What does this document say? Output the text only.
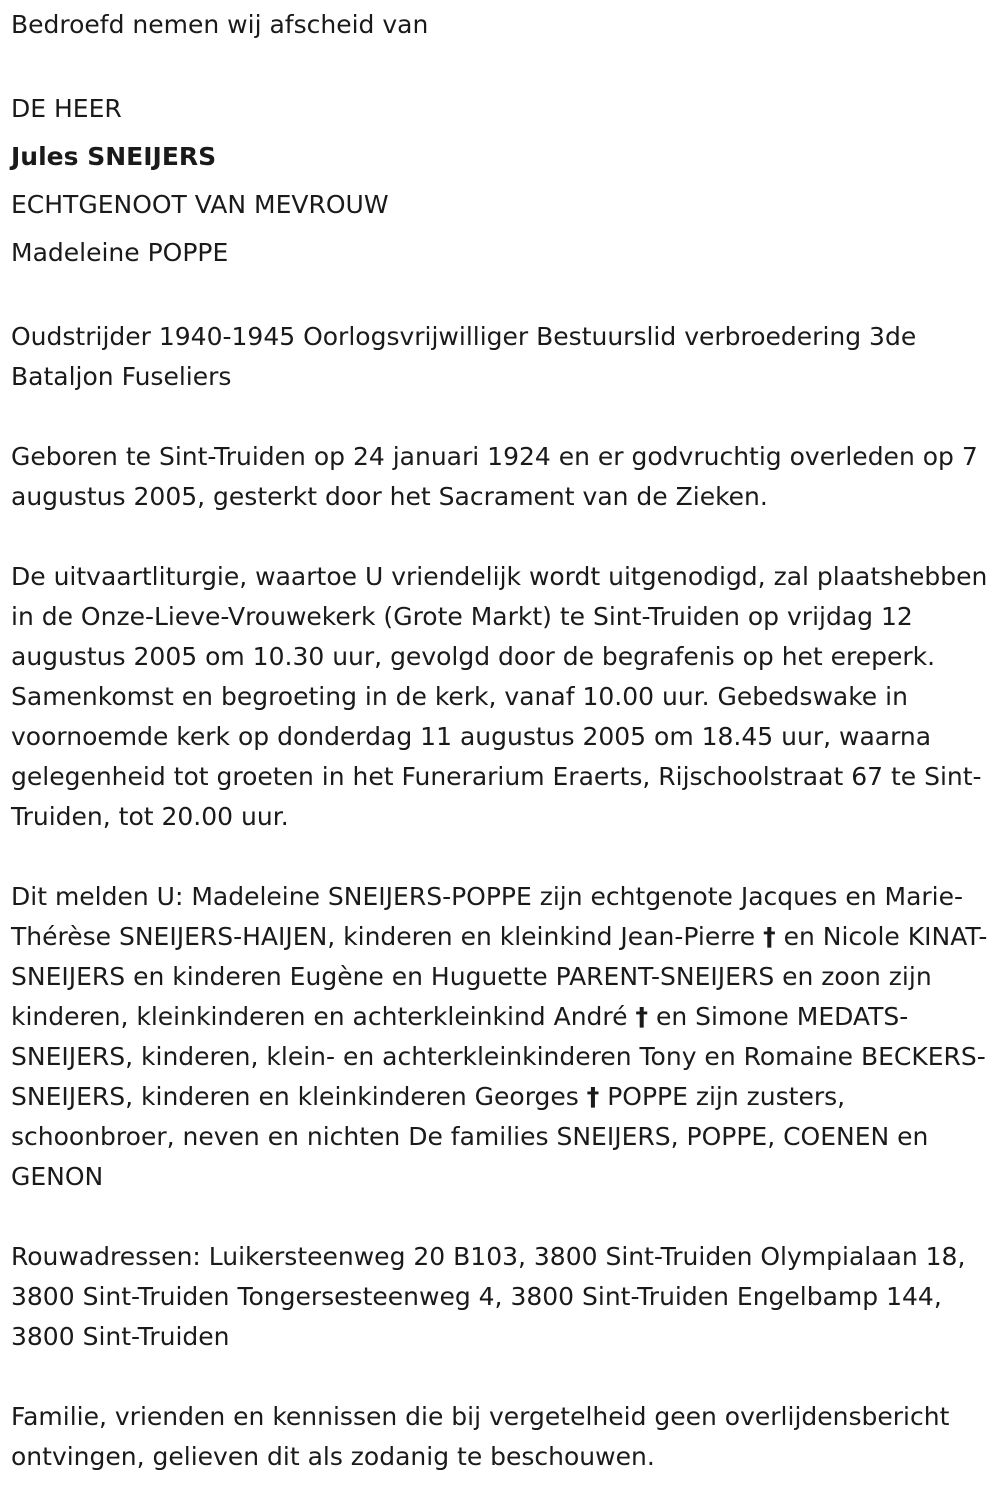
Bedroefd nemen wij afscheid van

DE HEER

Jules SNEIJERS

ECHTGENOOT VAN MEVROUW

Madeleine POPPE

Oudstrijder 1940-1945 Oorlogsvrijwilliger Bestuurslid verbroedering 3de Bataljon Fuseliers

Geboren te Sint-Truiden op 24 januari 1924 en er godvruchtig overleden op 7 augustus 2005, gesterkt door het Sacrament van de Zieken.

De uitvaartliturgie, waartoe U vriendelijk wordt uitgenodigd, zal plaatshebben in de Onze-Lieve-Vrouwekerk (Grote Markt) te Sint-Truiden op vrijdag 12 augustus 2005 om 10.30 uur, gevolgd door de begrafenis op het ereperk. Samenkomst en begroeting in de kerk, vanaf 10.00 uur. Gebedswake in voornoemde kerk op donderdag 11 augustus 2005 om 18.45 uur, waarna gelegenheid tot groeten in het Funerarium Eraerts, Rijschoolstraat 67 te Sint-Truiden, tot 20.00 uur.

Dit melden U: Madeleine SNEIJERS-POPPE zijn echtgenote Jacques en Marie-Thérèse SNEIJERS-HAIJEN, kinderen en kleinkind Jean-Pierre † en Nicole KINAT-SNEIJERS en kinderen Eugène en Huguette PARENT-SNEIJERS en zoon zijn kinderen, kleinkinderen en achterkleinkind André † en Simone MEDATS-SNEIJERS, kinderen, klein- en achterkleinkinderen Tony en Romaine BECKERS-SNEIJERS, kinderen en kleinkinderen Georges † POPPE zijn zusters, schoonbroer, neven en nichten De families SNEIJERS, POPPE, COENEN en GENON

Rouwadressen: Luikersteenweg 20 B103, 3800 Sint-Truiden Olympialaan 18, 3800 Sint-Truiden Tongersesteenweg 4, 3800 Sint-Truiden Engelbamp 144, 3800 Sint-Truiden

Familie, vrienden en kennissen die bij vergetelheid geen overlijdensbericht ontvingen, gelieven dit als zodanig te beschouwen.
